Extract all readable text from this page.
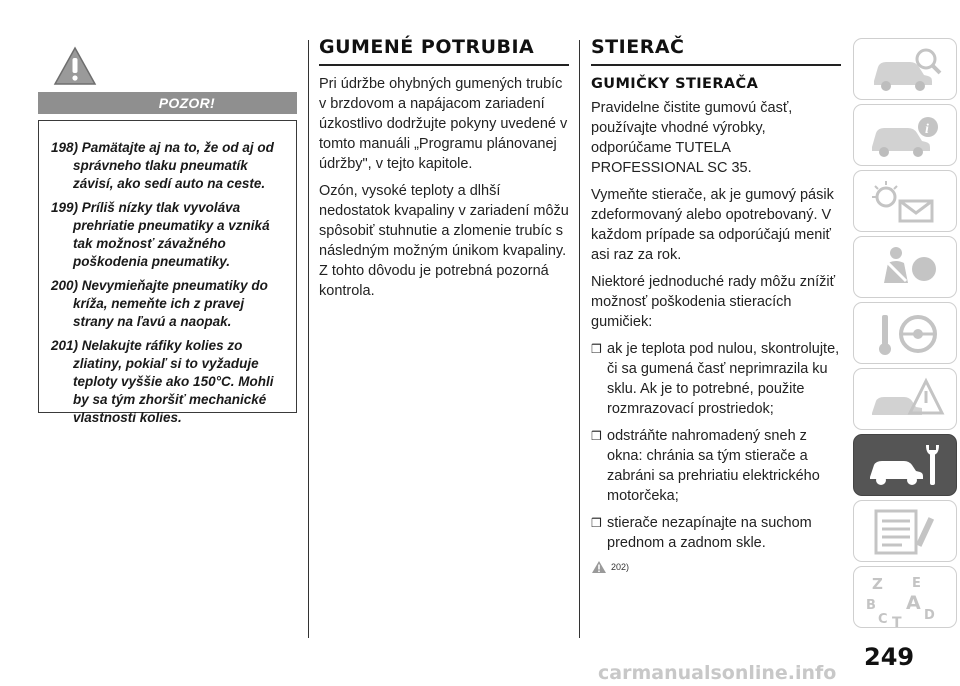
POZOR!

198) Pamätajte aj na to, že od aj od správneho tlaku pneumatík závisí, ako sedí auto na ceste.

199) Príliš nízky tlak vyvoláva prehriatie pneumatiky a vzniká tak možnosť závažného poškodenia pneumatiky.

200) Nevymieňajte pneumatiky do kríža, nemeňte ich z pravej strany na ľavú a naopak.

201) Nelakujte ráfiky kolies zo zliatiny, pokiaľ si to vyžaduje teploty vyššie ako 150°C. Mohli by sa tým zhoršiť mechanické vlastnosti kolies.

GUMENÉ POTRUBIA

Pri údržbe ohybných gumených trubíc v brzdovom a napájacom zariadení úzkostlivo dodržujte pokyny uvedené v tomto manuáli „Programu plánovanej údržby", v tejto kapitole.

Ozón, vysoké teploty a dlhší nedostatok kvapaliny v zariadení môžu spôsobiť stuhnutie a zlomenie trubíc s následným možným únikom kvapaliny. Z tohto dôvodu je potrebná pozorná kontrola.

STIERAČ
GUMIČKY STIERAČA

Pravidelne čistite gumovú časť, používajte vhodné výrobky, odporúčame TUTELA PROFESSIONAL SC 35.

Vymeňte stierače, ak je gumový pásik zdeformovaný alebo opotrebovaný. V každom prípade sa odporúčajú meniť asi raz za rok.

Niektoré jednoduché rady môžu znížiť možnosť poškodenia stieracích gumičiek:

❒ ak je teplota pod nulou, skontrolujte, či sa gumená časť neprimrazila ku sklu. Ak je to potrebné, použite rozmrazovací prostriedok;

❒ odstráňte nahromadený sneh z okna: chránia sa tým stierače a zabráni sa prehriatiu elektrického motorčeka;

❒ stierače nezapínajte na suchom prednom a zadnom skle.

202)
i
Z E
B A
C T D
249
carmanualsonline.info
